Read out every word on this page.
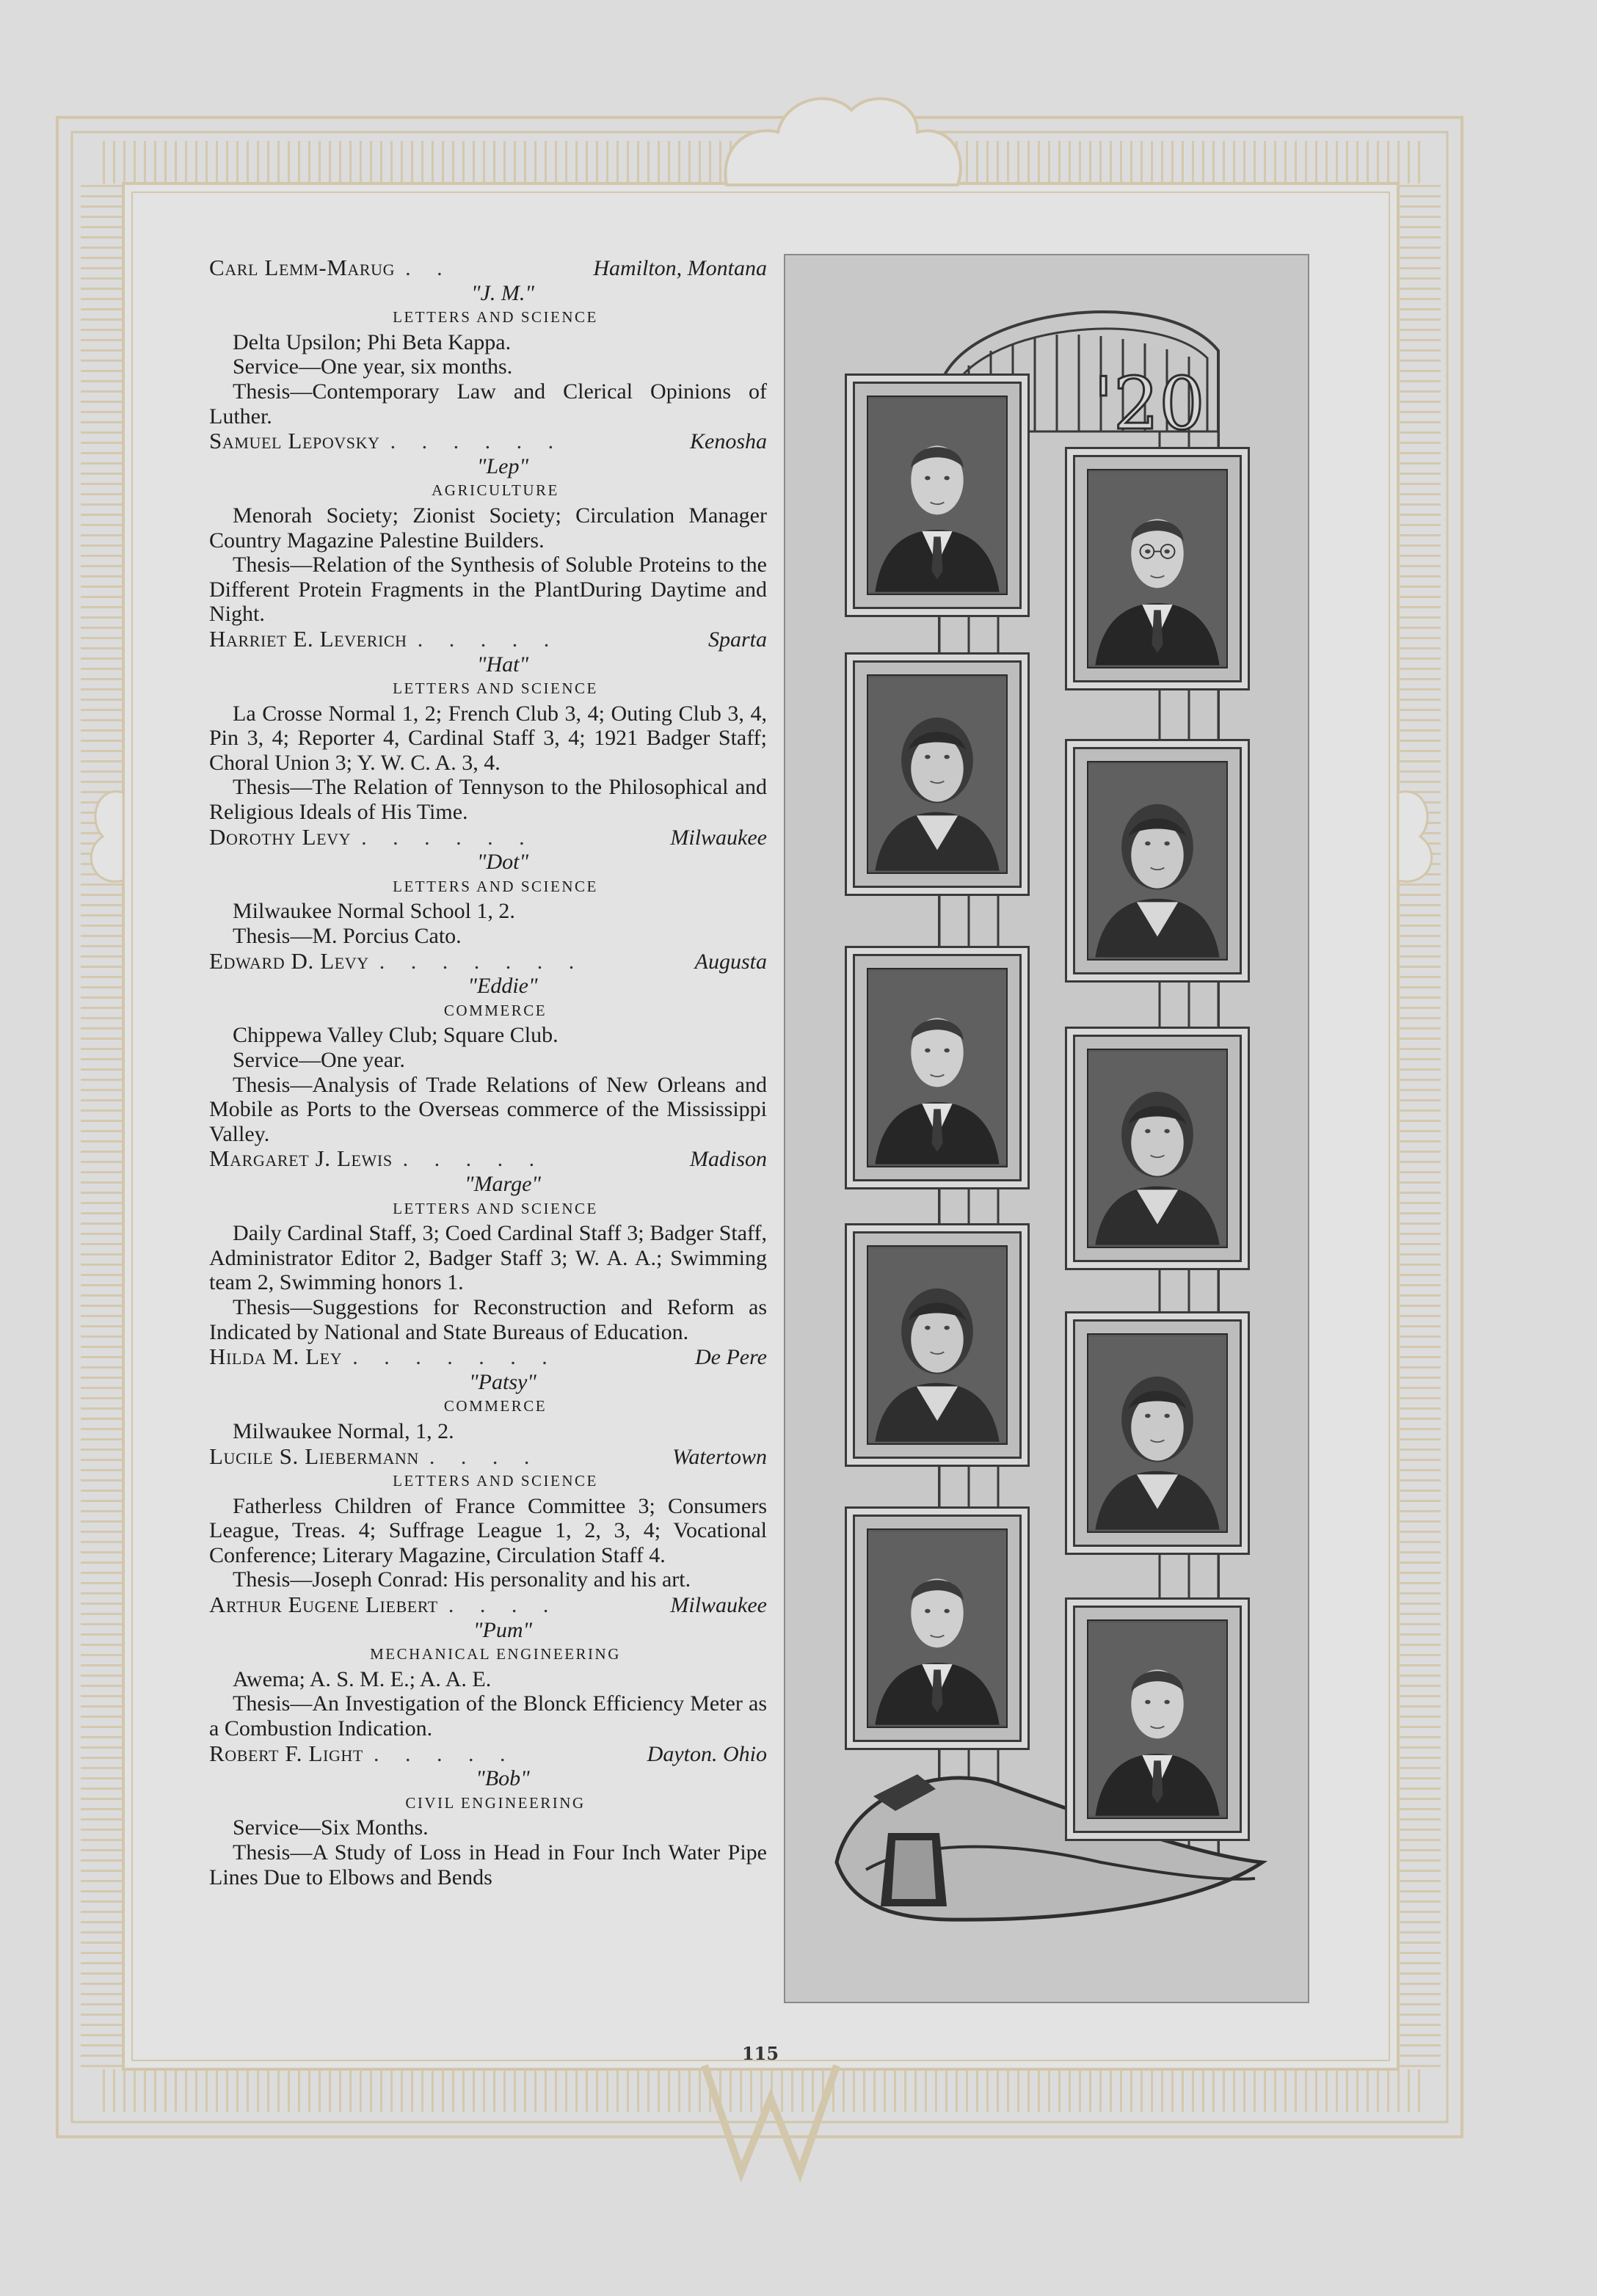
Carl Lemm-Marug . .	Hamilton, Montana
"J. M."
LETTERS AND SCIENCE
Delta Upsilon; Phi Beta Kappa.
Service—One year, six months.
Thesis—Contemporary Law and Clerical Opinions of Luther.
Samuel Lepovsky . . . . . .	Kenosha
"Lep"
AGRICULTURE
Menorah Society; Zionist Society; Circulation Manager Country Magazine Palestine Builders.
Thesis—Relation of the Synthesis of Soluble Proteins to the Different Protein Fragments in the PlantDuring Daytime and Night.
Harriet E. Leverich . . . . .	Sparta
"Hat"
LETTERS AND SCIENCE
La Crosse Normal 1, 2; French Club 3, 4; Outing Club 3, 4, Pin 3, 4; Reporter 4, Cardinal Staff 3, 4; 1921 Badger Staff; Choral Union 3; Y. W. C. A. 3, 4.
Thesis—The Relation of Tennyson to the Philosophical and Religious Ideals of His Time.
Dorothy Levy . . . . . .	Milwaukee
"Dot"
LETTERS AND SCIENCE
Milwaukee Normal School 1, 2.
Thesis—M. Porcius Cato.
Edward D. Levy . . . . . . .	Augusta
"Eddie"
COMMERCE
Chippewa Valley Club; Square Club.
Service—One year.
Thesis—Analysis of Trade Relations of New Orleans and Mobile as Ports to the Overseas commerce of the Mississippi Valley.
Margaret J. Lewis . . . . .	Madison
"Marge"
LETTERS AND SCIENCE
Daily Cardinal Staff, 3; Coed Cardinal Staff 3; Badger Staff, Administrator Editor 2, Badger Staff 3; W. A. A.; Swimming team 2, Swimming honors 1.
Thesis—Suggestions for Reconstruction and Reform as Indicated by National and State Bureaus of Education.
Hilda M. Ley . . . . . . .	De Pere
"Patsy"
COMMERCE
Milwaukee Normal, 1, 2.
Lucile S. Liebermann . . . .	Watertown
LETTERS AND SCIENCE
Fatherless Children of France Committee 3; Consumers League, Treas. 4; Suffrage League 1, 2, 3, 4; Vocational Conference; Literary Magazine, Circulation Staff 4.
Thesis—Joseph Conrad: His personality and his art.
Arthur Eugene Liebert . . . .	Milwaukee
"Pum"
MECHANICAL ENGINEERING
Awema; A. S. M. E.; A. A. E.
Thesis—An Investigation of the Blonck Efficiency Meter as a Combustion Indication.
Robert F. Light . . . . .	Dayton. Ohio
"Bob"
CIVIL ENGINEERING
Service—Six Months.
Thesis—A Study of Loss in Head in Four Inch Water Pipe Lines Due to Elbows and Bends
'20
115
